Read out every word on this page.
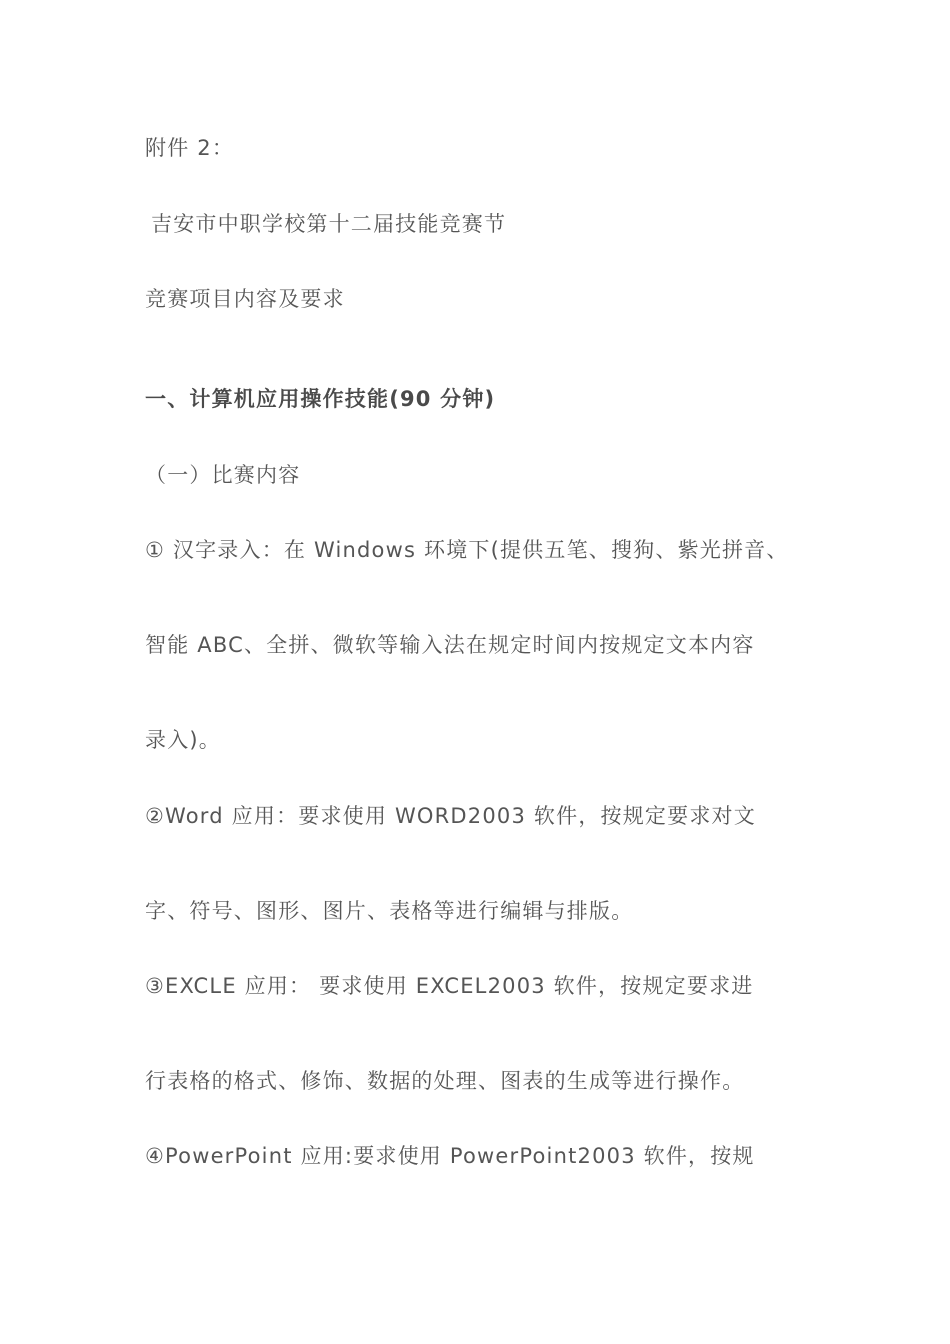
附件 2：
吉安市中职学校第十二届技能竞赛节
竞赛项目内容及要求
一、计算机应用操作技能(90 分钟)
（一）比赛内容
① 汉字录入：在 Windows 环境下(提供五笔、搜狗、紫光拼音、
智能 ABC、全拼、微软等输入法在规定时间内按规定文本内容
录入)。
②Word 应用：要求使用 WORD2003 软件，按规定要求对文
字、符号、图形、图片、表格等进行编辑与排版。
③EXCLE 应用： 要求使用 EXCEL2003 软件，按规定要求进
行表格的格式、修饰、数据的处理、图表的生成等进行操作。
④PowerPoint 应用:要求使用 PowerPoint2003 软件，按规
